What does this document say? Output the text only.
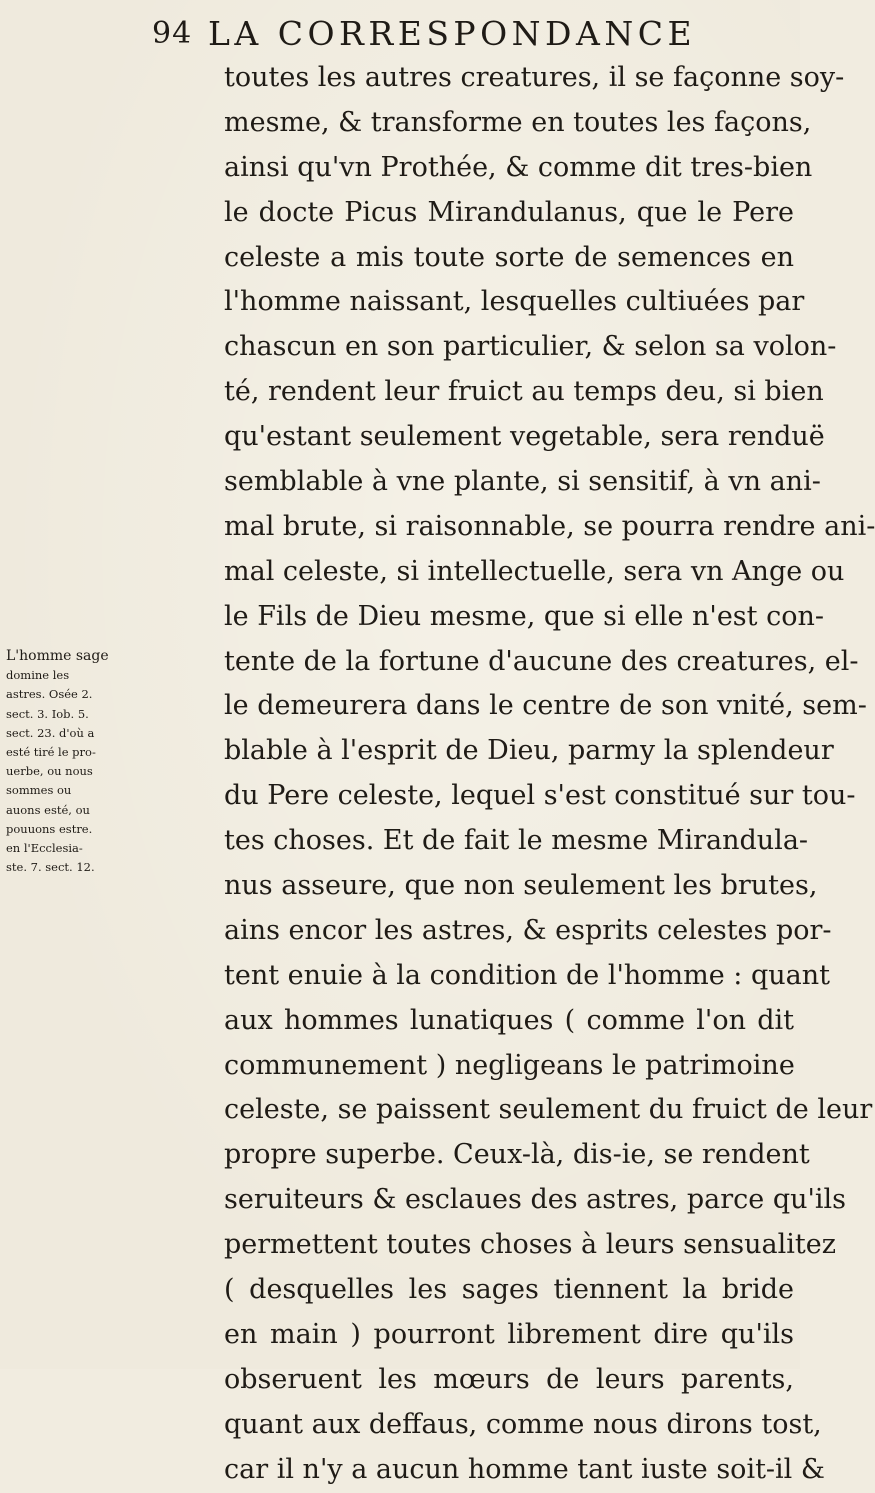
94 LA CORRESPONDANCE
toutes les autres creatures, il se façonne soy-
mesme, & transforme en toutes les façons,
ainsi qu'vn Prothée, & comme dit tres-bien
le docte Picus Mirandulanus, que le Pere
celeste a mis toute sorte de semences en
l'homme naissant, lesquelles cultiuées par
chascun en son particulier, & selon sa volon-
té, rendent leur fruict au temps deu, si bien
qu'estant seulement vegetable, sera renduë
semblable à vne plante, si sensitif, à vn ani-
mal brute, si raisonnable, se pourra rendre ani-
mal celeste, si intellectuelle, sera vn Ange ou
le Fils de Dieu mesme, que si elle n'est con-
tente de la fortune d'aucune des creatures, el-
le demeurera dans le centre de son vnité, sem-
blable à l'esprit de Dieu, parmy la splendeur
du Pere celeste, lequel s'est constitué sur tou-
tes choses. Et de fait le mesme Mirandula-
nus asseure, que non seulement les brutes,
ains encor les astres, & esprits celestes por-
tent enuie à la condition de l'homme : quant
aux hommes lunatiques ( comme l'on dit
communement ) negligeans le patrimoine
celeste, se paissent seulement du fruict de leur
propre superbe. Ceux-là, dis-ie, se rendent
seruiteurs & esclaues des astres, parce qu'ils
permettent toutes choses à leurs sensualitez
( desquelles les sages tiennent la bride
en main ) pourront librement dire qu'ils
obseruent les mœurs de leurs parents,
quant aux deffaus, comme nous dirons tost,
car il n'y a aucun homme tant iuste soit-il &
L'homme sage
domine les
astres. Osée 2.
sect. 3. Iob. 5.
sect. 23. d'où a
esté tiré le pro-
uerbe, ou nous
sommes ou
auons esté, ou
pouuons estre.
en l'Ecclesia-
ste. 7. sect. 12.
